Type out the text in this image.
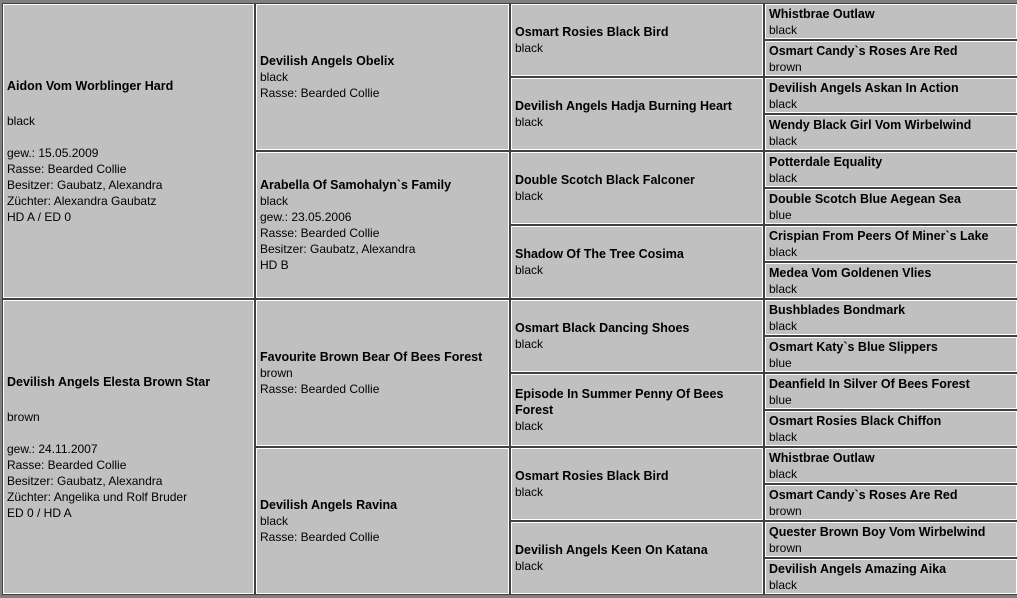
Aidon Vom Worblinger Hard
black
gew.: 15.05.2009
Rasse: Bearded Collie
Besitzer: Gaubatz, Alexandra
Züchter: Alexandra Gaubatz
HD A / ED 0
Devilish Angels Elesta Brown Star
brown
gew.: 24.11.2007
Rasse: Bearded Collie
Besitzer: Gaubatz, Alexandra
Züchter: Angelika und Rolf Bruder
ED 0 / HD A
Devilish Angels Obelix
black
Rasse: Bearded Collie
Arabella Of Samohalyn`s Family
black
gew.: 23.05.2006
Rasse: Bearded Collie
Besitzer: Gaubatz, Alexandra
HD B
Favourite Brown Bear Of Bees Forest
brown
Rasse: Bearded Collie
Devilish Angels Ravina
black
Rasse: Bearded Collie
Osmart Rosies Black Bird
black
Devilish Angels Hadja Burning Heart
black
Double Scotch Black Falconer
black
Shadow Of The Tree Cosima
black
Osmart Black Dancing Shoes
black
Episode In Summer Penny Of Bees Forest
black
Osmart Rosies Black Bird
black
Devilish Angels Keen On Katana
black
Whistbrae Outlaw
black
Osmart Candy`s Roses Are Red
brown
Devilish Angels Askan In Action
black
Wendy Black Girl Vom Wirbelwind
black
Potterdale Equality
black
Double Scotch Blue Aegean Sea
blue
Crispian From Peers Of Miner`s Lake
black
Medea Vom Goldenen Vlies
black
Bushblades Bondmark
black
Osmart Katy`s Blue Slippers
blue
Deanfield In Silver Of Bees Forest
blue
Osmart Rosies Black Chiffon
black
Whistbrae Outlaw
black
Osmart Candy`s Roses Are Red
brown
Quester Brown Boy Vom Wirbelwind
brown
Devilish Angels Amazing Aika
black
